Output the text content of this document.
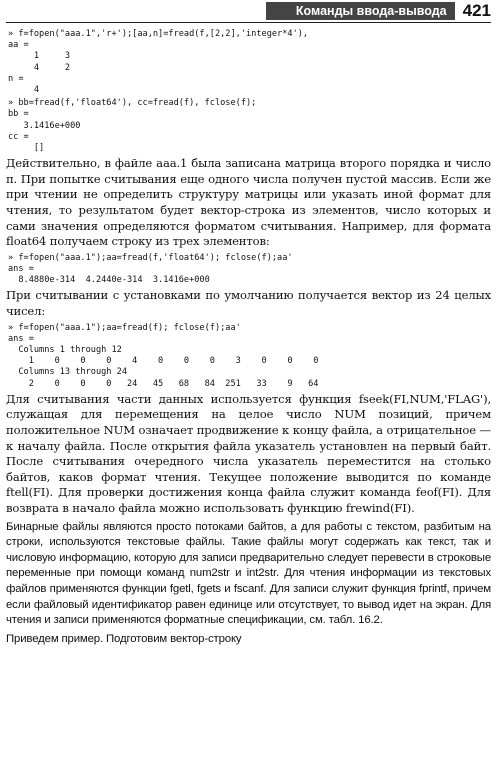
Команды ввода-вывода 421
» f=fopen("aaa.1",'r+');[aa,n]=fread(f,[2,2],'integer*4'),
aa =
1     3
4     2
n =
4
» bb=fread(f,'float64'), cc=fread(f), fclose(f);
bb =
3.1416e+000
cc =
[]

Действительно, в файле aaa.1 была записана матрица второго порядка и число π. При попытке считывания еще одного числа получен пустой массив. Если же при чтении не определить структуру матрицы или указать иной формат для чтения, то результатом будет вектор-строка из элементов, число которых и сами значения определяются форматом считывания. Например, для формата float64 получаем строку из трех элементов:

» f=fopen("aaa.1");aa=fread(f,'float64'); fclose(f);aa'
ans =
8.4880e-314  4.2440e-314  3.1416e+000

При считывании с установками по умолчанию получается вектор из 24 целых чисел:

» f=fopen("aaa.1");aa=fread(f); fclose(f);aa'
ans =
Columns 1 through 12
1    0    0    0    4    0    0    0    3    0    0    0
Columns 13 through 24
2    0    0    0   24   45   68   84  251   33    9   64

Для считывания части данных используется функция fseek(FI,NUM,'FLAG'), служащая для перемещения на целое число NUM позиций, причем положительное NUM означает продвижение к концу файла, а отрицательное — к началу файла. После открытия файла указатель установлен на первый байт. После считывания очередного числа указатель переместится на столько байтов, каков формат чтения. Текущее положение выводится по команде ftell(FI). Для проверки достижения конца файла служит команда feof(FI). Для возврата в начало файла можно использовать функцию frewind(FI).

Бинарные файлы являются просто потоками байтов, а для работы с текстом, разбитым на строки, используются текстовые файлы. Такие файлы могут содержать как текст, так и числовую информацию, которую для записи предварительно следует перевести в строковые переменные при помощи команд num2str и int2str. Для чтения информации из текстовых файлов применяются функции fgetl, fgets и fscanf. Для записи служит функция fprintf, причем если файловый идентификатор равен единице или отсутствует, то вывод идет на экран. Для чтения и записи применяются форматные спецификации, см. табл. 16.2.

Приведем пример. Подготовим вектор-строку
